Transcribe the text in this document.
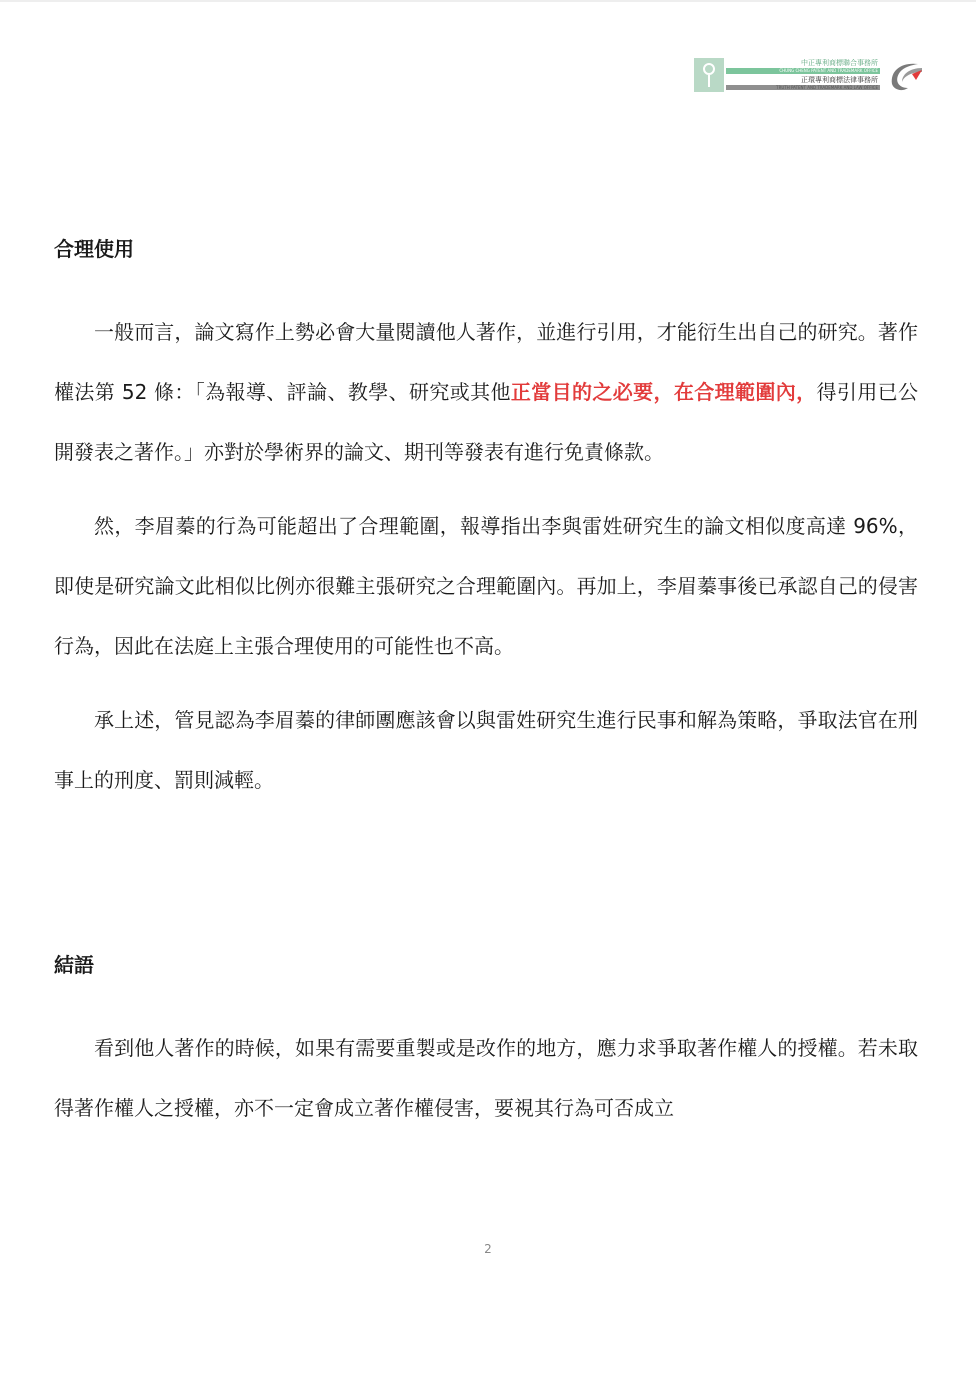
中正專利商標聯合事務所
CHUNG CHENG PATENT AND TRADEMARK OFFICE
正環專利商標法律事務所
TRUTH PATENT AND TRADEMARK AND LAW OFFICE
合理使用

一般而言，論文寫作上勢必會大量閱讀他人著作，並進行引用，才能衍生出自己的研究。著作權法第 52 條：「為報導、評論、教學、研究或其他正當目的之必要，在合理範圍內，得引用已公開發表之著作。」亦對於學術界的論文、期刊等發表有進行免責條款。

然，李眉蓁的行為可能超出了合理範圍，報導指出李與雷姓研究生的論文相似度高達 96%，即使是研究論文此相似比例亦很難主張研究之合理範圍內。再加上，李眉蓁事後已承認自己的侵害行為，因此在法庭上主張合理使用的可能性也不高。

承上述，管見認為李眉蓁的律師團應該會以與雷姓研究生進行民事和解為策略，爭取法官在刑事上的刑度、罰則減輕。

結語

看到他人著作的時候，如果有需要重製或是改作的地方，應力求爭取著作權人的授權。若未取得著作權人之授權，亦不一定會成立著作權侵害，要視其行為可否成立

2
